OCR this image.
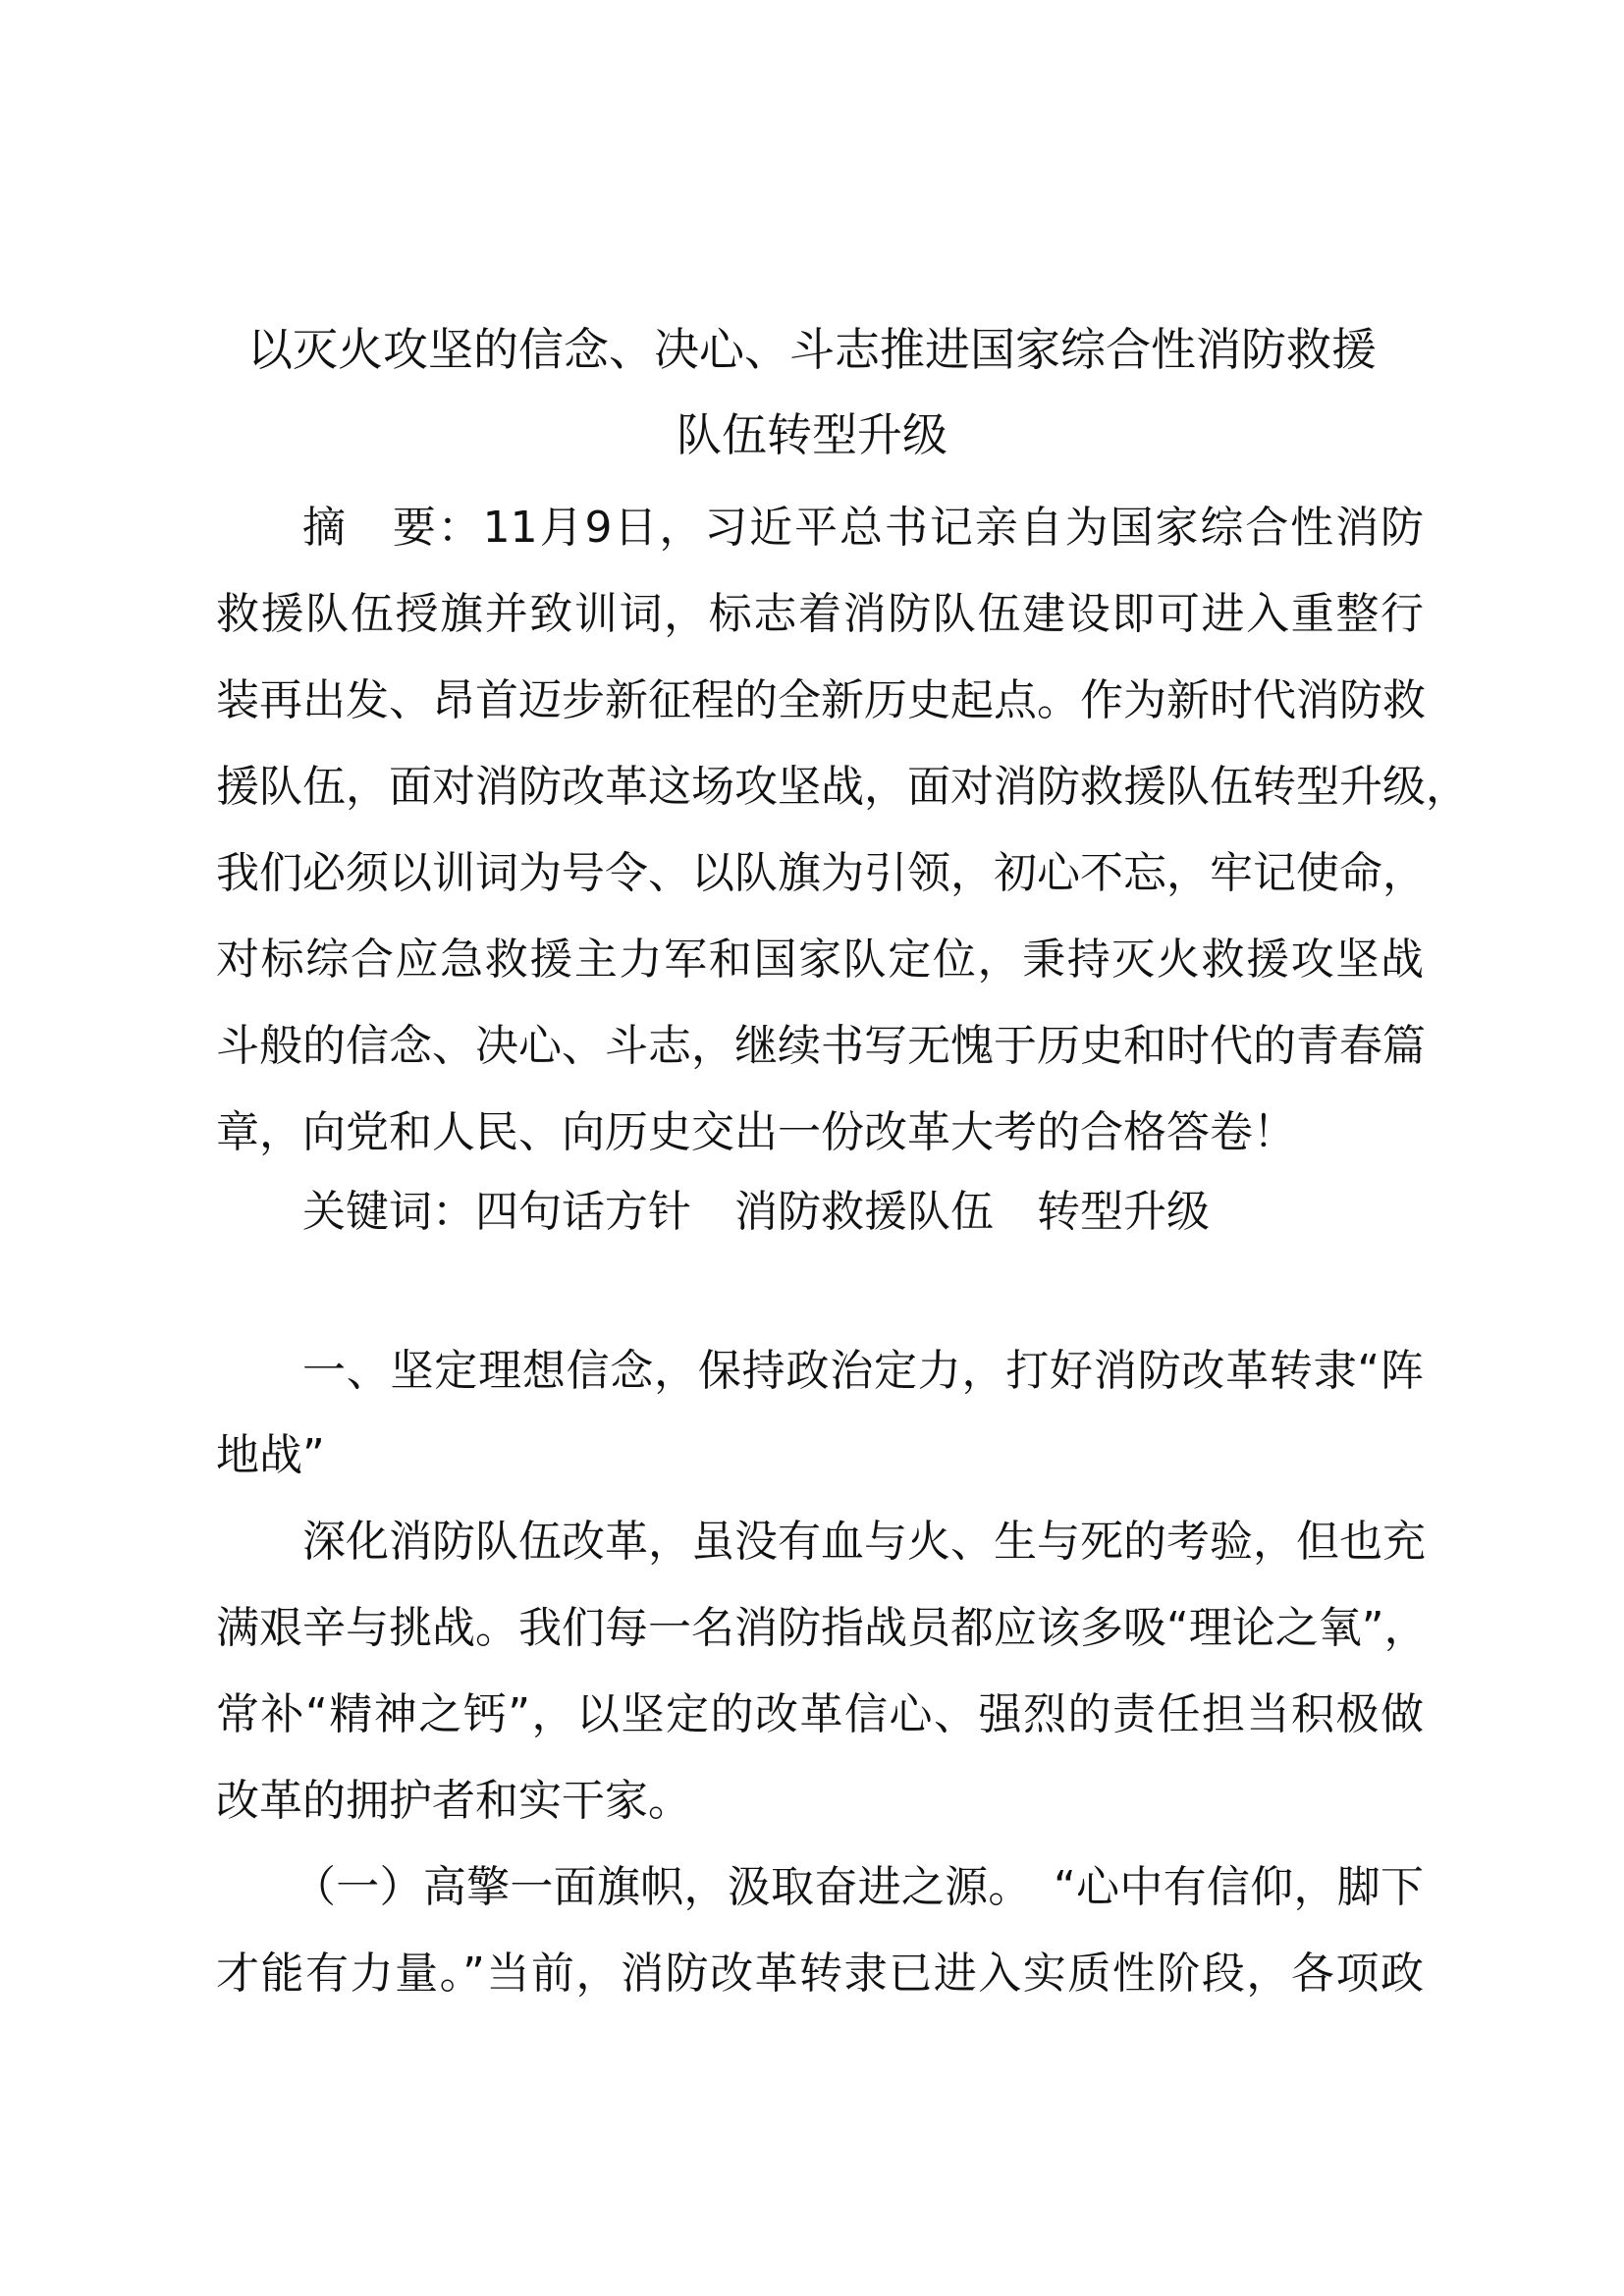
以灭火攻坚的信念、决心、斗志推进国家综合性消防救援
队伍转型升级

摘　要：11月9日，习近平总书记亲自为国家综合性消防

救援队伍授旗并致训词，标志着消防队伍建设即可进入重整行

装再出发、昂首迈步新征程的全新历史起点。作为新时代消防救

援队伍，面对消防改革这场攻坚战，面对消防救援队伍转型升级，

我们必须以训词为号令、以队旗为引领，初心不忘，牢记使命，

对标综合应急救援主力军和国家队定位，秉持灭火救援攻坚战

斗般的信念、决心、斗志，继续书写无愧于历史和时代的青春篇

章，向党和人民、向历史交出一份改革大考的合格答卷！

关键词：四句话方针　消防救援队伍　转型升级

一、坚定理想信念，保持政治定力，打好消防改革转隶“阵

地战”

深化消防队伍改革，虽没有血与火、生与死的考验，但也充

满艰辛与挑战。我们每一名消防指战员都应该多吸“理论之氧”，

常补“精神之钙”，以坚定的改革信心、强烈的责任担当积极做

改革的拥护者和实干家。

（一）高擎一面旗帜，汲取奋进之源。　“心中有信仰，脚下

才能有力量。”当前，消防改革转隶已进入实质性阶段，各项政
